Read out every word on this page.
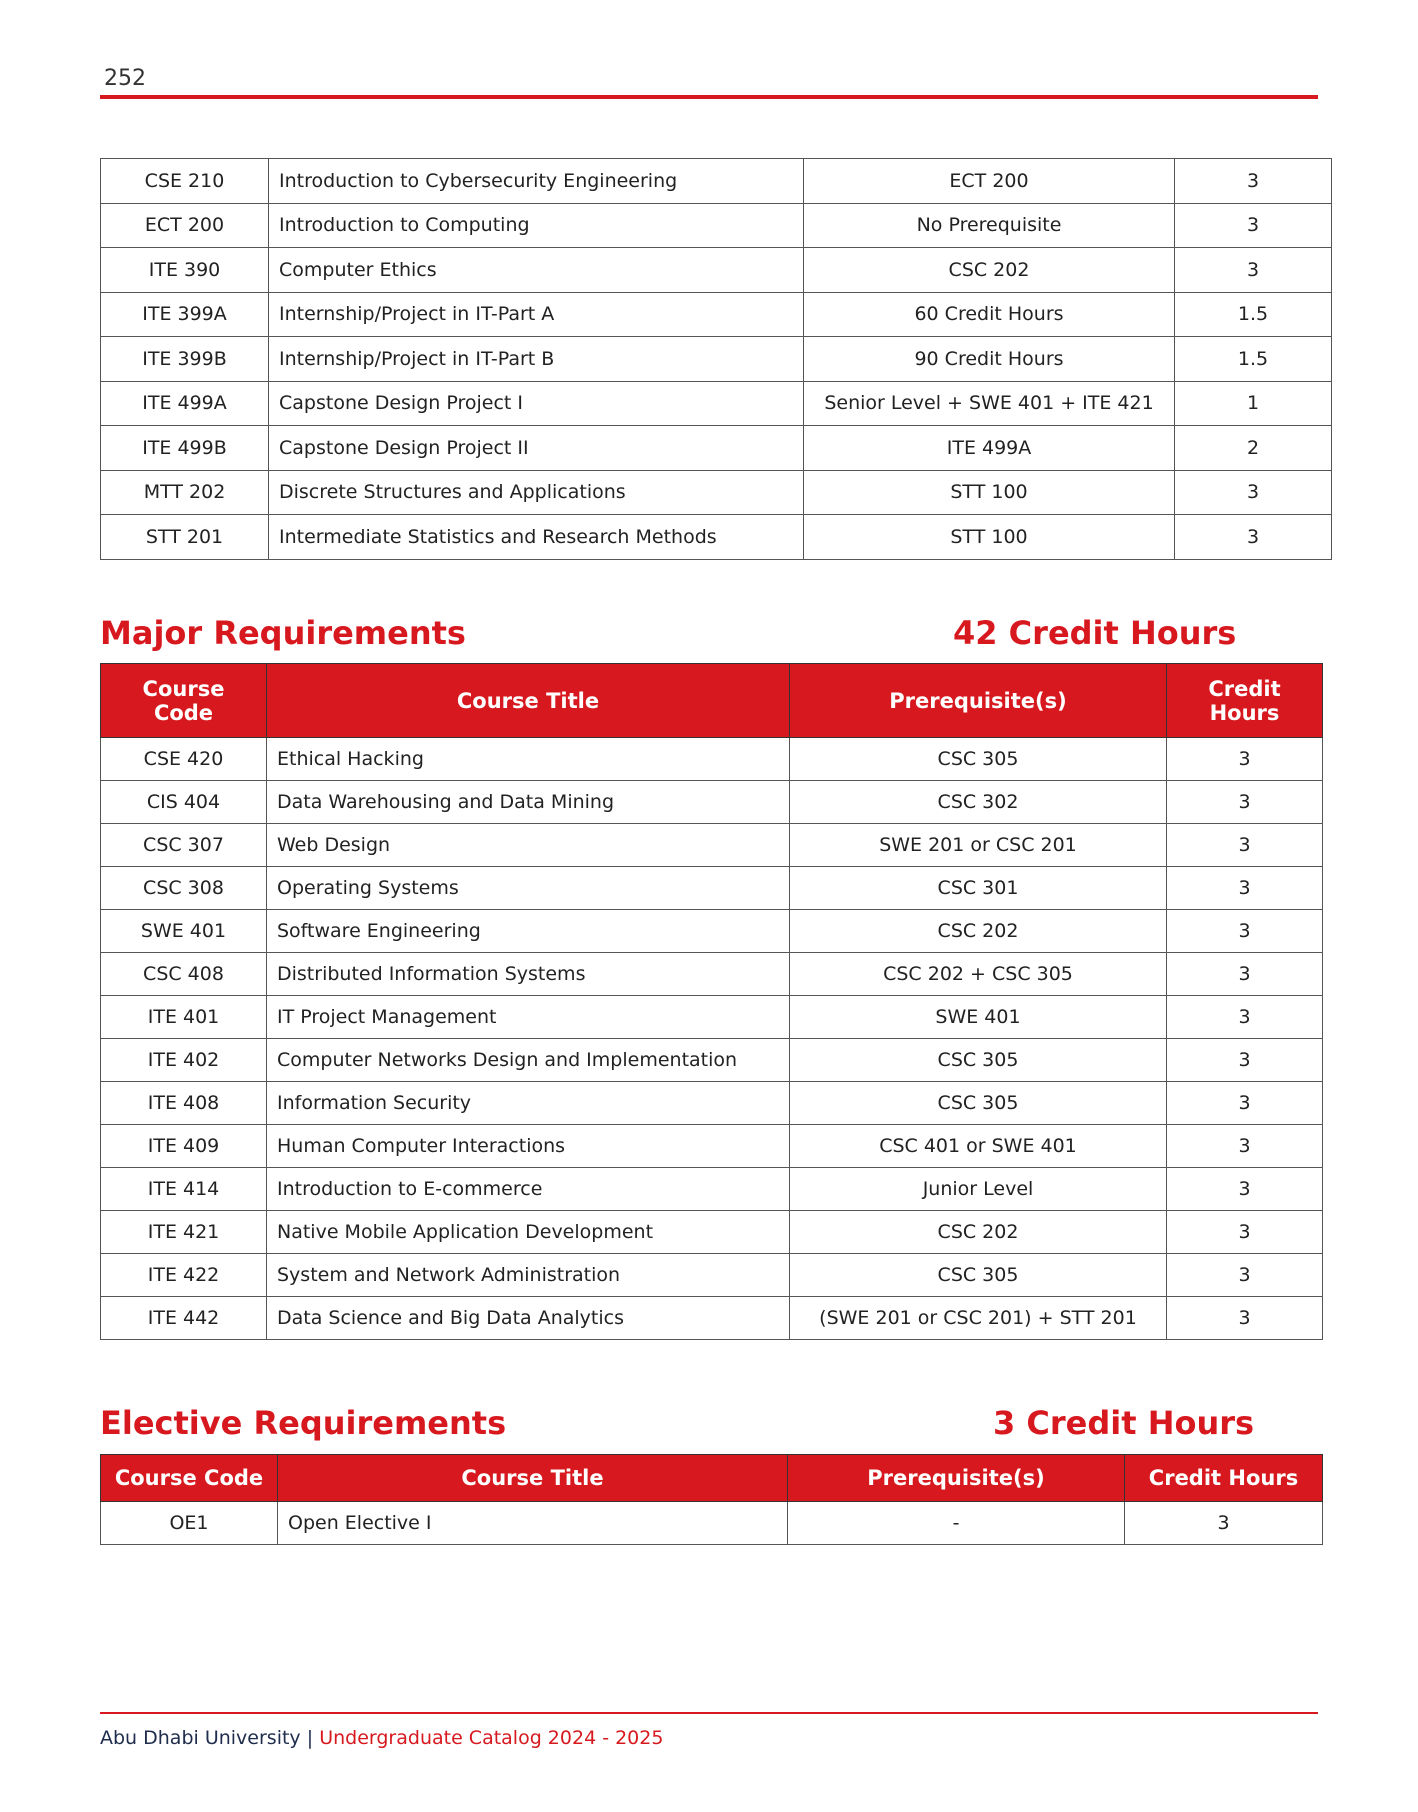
252
CSE 210	Introduction to Cybersecurity Engineering	ECT 200	3
ECT 200	Introduction to Computing	No Prerequisite	3
ITE 390	Computer Ethics	CSC 202	3
ITE 399A	Internship/Project in IT-Part A	60 Credit Hours	1.5
ITE 399B	Internship/Project in IT-Part B	90 Credit Hours	1.5
ITE 499A	Capstone Design Project I	Senior Level + SWE 401 + ITE 421	1
ITE 499B	Capstone Design Project II	ITE 499A	2
MTT 202	Discrete Structures and Applications	STT 100	3
STT 201	Intermediate Statistics and Research Methods	STT 100	3
Major Requirements	42 Credit Hours
Course Code	Course Title	Prerequisite(s)	Credit
Hours

CSE 420	Ethical Hacking	CSC 305	3
CIS 404	Data Warehousing and Data Mining	CSC 302	3
CSC 307	Web Design	SWE 201 or CSC 201	3
CSC 308	Operating Systems	CSC 301	3
SWE 401	Software Engineering	CSC 202	3
CSC 408	Distributed Information Systems	CSC 202 + CSC 305	3
ITE 401	IT Project Management	SWE 401	3
ITE 402	Computer Networks Design and Implementation	CSC 305	3
ITE 408	Information Security	CSC 305	3
ITE 409	Human Computer Interactions	CSC 401 or SWE 401	3
ITE 414	Introduction to E-commerce	Junior Level	3
ITE 421	Native Mobile Application Development	CSC 202	3
ITE 422	System and Network Administration	CSC 305	3
ITE 442	Data Science and Big Data Analytics	(SWE 201 or CSC 201) + STT 201	3
Elective Requirements	3 Credit Hours
Course Code	Course Title	Prerequisite(s)	Credit Hours
OE1	Open Elective I	-	3
Abu Dhabi University | Undergraduate Catalog 2024 - 2025
